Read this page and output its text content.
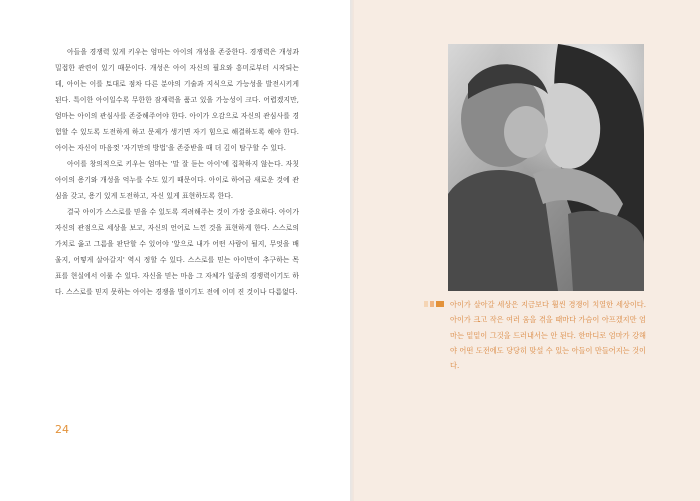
아들을 경쟁력 있게 키우는 엄마는 아이의 개성을 존중한다. 경쟁력은 개성과 밀접한 관련이 있기 때문이다. 개성은 아이 자신의 필요와 흥미로부터 시작되는데, 아이는 이를 토대로 점차 다른 분야의 기술과 지식으로 가능성을 발전시키게 된다. 특이한 아이일수록 무한한 잠재력을 품고 있을 가능성이 크다. 어렵겠지만, 엄마는 아이의 관심사를 존중해주어야 한다. 아이가 오감으로 자신의 관심사를 경험할 수 있도록 도전하게 하고 문제가 생기면 자기 힘으로 해결하도록 해야 한다. 아이는 자신이 마음껏 '자기만의 방법'을 존중받을 때 더 깊이 탐구할 수 있다.

아이를 창의적으로 키우는 엄마는 '말 잘 듣는 아이'에 집착하지 않는다. 자칫 아이의 용기와 개성을 억누를 수도 있기 때문이다. 아이로 하여금 새로운 것에 관심을 갖고, 용기 있게 도전하고, 자신 있게 표현하도록 한다.

결국 아이가 스스로를 믿을 수 있도록 격려해주는 것이 가장 중요하다. 아이가 자신의 관점으로 세상을 보고, 자신의 언어로 느낀 것을 표현하게 한다. 스스로의 가치로 옳고 그름을 판단할 수 있어야 '앞으로 내가 어떤 사람이 될지, 무엇을 배울지, 어떻게 살아갈지' 역시 정할 수 있다. 스스로를 믿는 아이만이 추구하는 목표를 현실에서 이룰 수 있다. 자신을 믿는 마음 그 자체가 일종의 경쟁력이기도 하다. 스스로를 믿지 못하는 아이는 경쟁을 벌이기도 전에 이미 진 것이나 다름없다.

24
아이가 살아갈 세상은 지금보다 훨씬 경쟁이 치열한 세상이다. 아이가 크고 작은 여러 움을 겪을 때마다 가슴이 아프겠지만 엄마는 밑밑이 그것을 드러내서는 안 된다. 한마디로 엄마가 강해야 어떤 도전에도 당당히 맞설 수 있는 아들이 만들어지는 것이다.
